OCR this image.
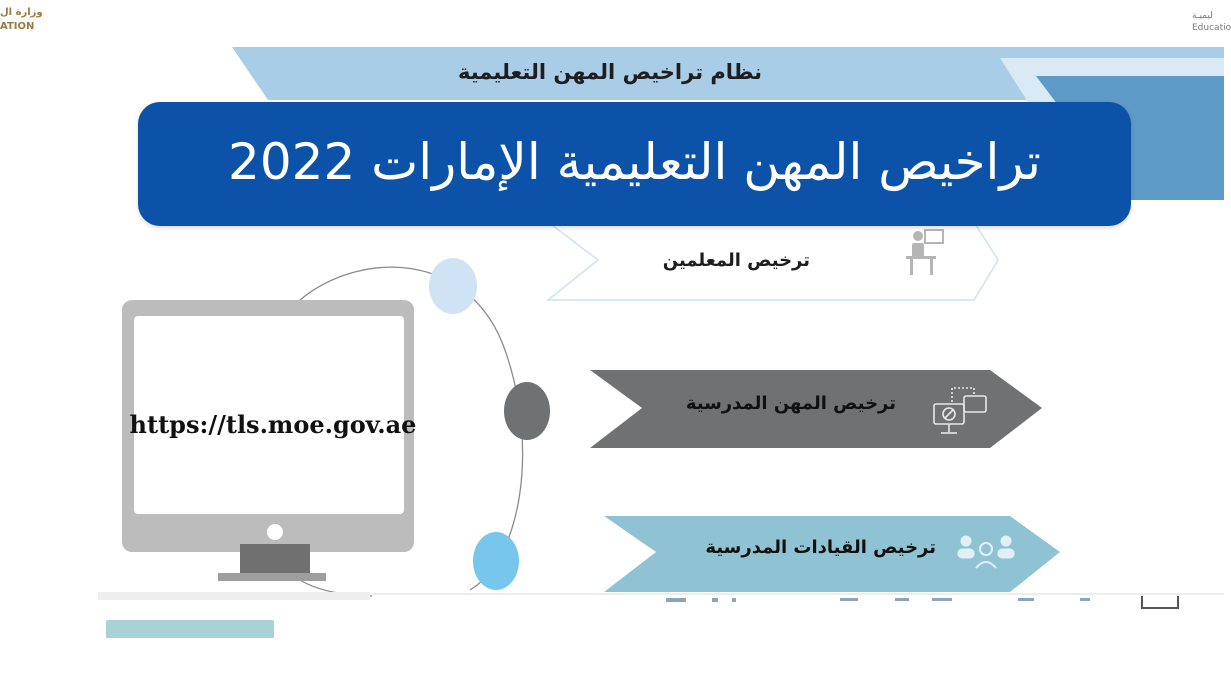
وزارة ال
ATION
ليميـة
Educatio
نظام تراخيص المهن التعليمية
تراخيص المهن التعليمية الإمارات 2022
https://tls.moe.gov.ae
ترخيص المعلمين
ترخيص المهن المدرسية
ترخيص القيادات المدرسية
